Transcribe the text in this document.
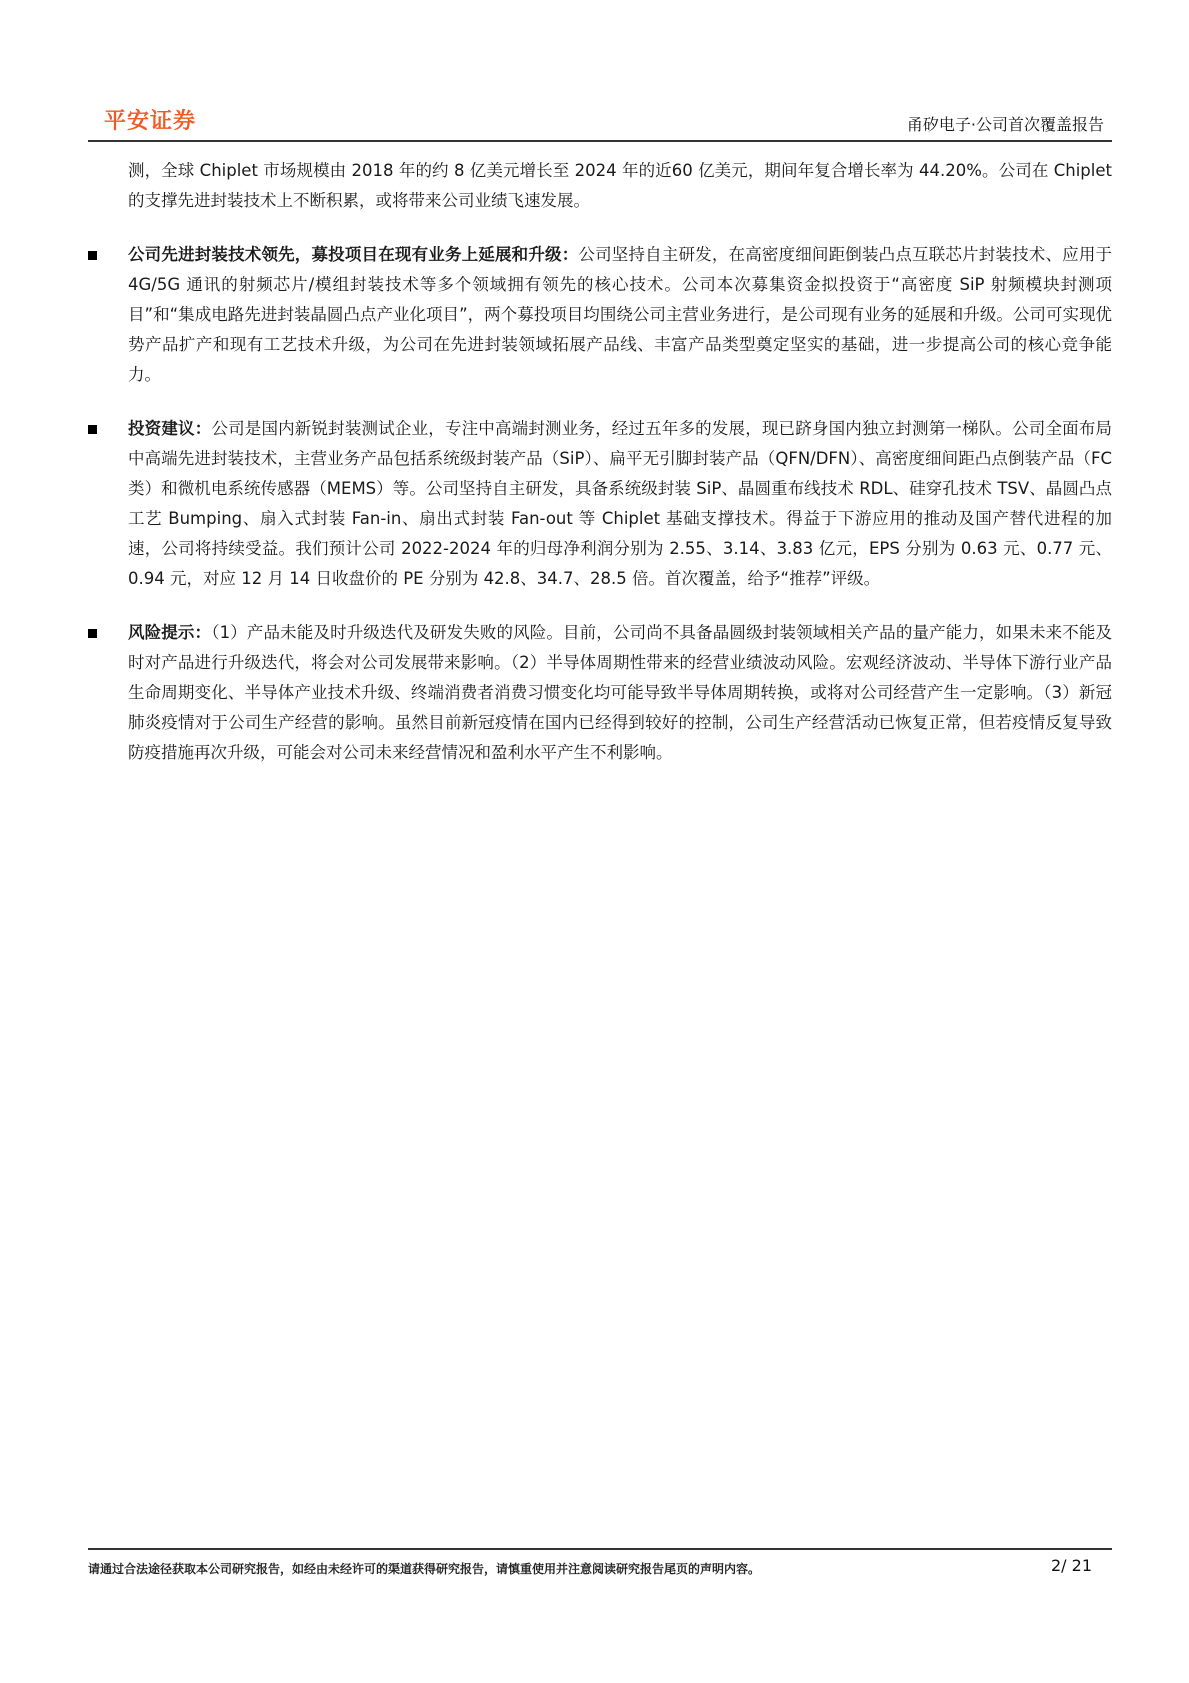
平安证券	甬矽电子·公司首次覆盖报告

测，全球 Chiplet 市场规模由 2018 年的约 8 亿美元增长至 2024 年的近60 亿美元，期间年复合增长率为 44.20%。公司在 Chiplet 的支撑先进封装技术上不断积累，或将带来公司业绩飞速发展。

公司先进封装技术领先，募投项目在现有业务上延展和升级：公司坚持自主研发，在高密度细间距倒装凸点互联芯片封装技术、应用于 4G/5G 通讯的射频芯片/模组封装技术等多个领域拥有领先的核心技术。公司本次募集资金拟投资于“高密度 SiP 射频模块封测项目”和“集成电路先进封装晶圆凸点产业化项目”，两个募投项目均围绕公司主营业务进行，是公司现有业务的延展和升级。公司可实现优势产品扩产和现有工艺技术升级，为公司在先进封装领域拓展产品线、丰富产品类型奠定坚实的基础，进一步提高公司的核心竞争能力。
投资建议：公司是国内新锐封装测试企业，专注中高端封测业务，经过五年多的发展，现已跻身国内独立封测第一梯队。公司全面布局中高端先进封装技术，主营业务产品包括系统级封装产品（SiP）、扁平无引脚封装产品（QFN/DFN）、高密度细间距凸点倒装产品（FC 类）和微机电系统传感器（MEMS）等。公司坚持自主研发，具备系统级封装 SiP、晶圆重布线技术 RDL、硅穿孔技术 TSV、晶圆凸点工艺 Bumping、扇入式封装 Fan-in、扇出式封装 Fan-out 等 Chiplet 基础支撑技术。得益于下游应用的推动及国产替代进程的加速，公司将持续受益。我们预计公司 2022-2024 年的归母净利润分别为 2.55、3.14、3.83 亿元，EPS 分别为 0.63 元、0.77 元、0.94 元，对应 12 月 14 日收盘价的 PE 分别为 42.8、34.7、28.5 倍。首次覆盖，给予“推荐”评级。
风险提示：（1）产品未能及时升级迭代及研发失败的风险。目前，公司尚不具备晶圆级封装领域相关产品的量产能力，如果未来不能及时对产品进行升级迭代，将会对公司发展带来影响。（2）半导体周期性带来的经营业绩波动风险。宏观经济波动、半导体下游行业产品生命周期变化、半导体产业技术升级、终端消费者消费习惯变化均可能导致半导体周期转换，或将对公司经营产生一定影响。（3）新冠肺炎疫情对于公司生产经营的影响。虽然目前新冠疫情在国内已经得到较好的控制，公司生产经营活动已恢复正常，但若疫情反复导致防疫措施再次升级，可能会对公司未来经营情况和盈利水平产生不利影响。
请通过合法途径获取本公司研究报告，如经由未经许可的渠道获得研究报告，请慎重使用并注意阅读研究报告尾页的声明内容。	2/ 21
